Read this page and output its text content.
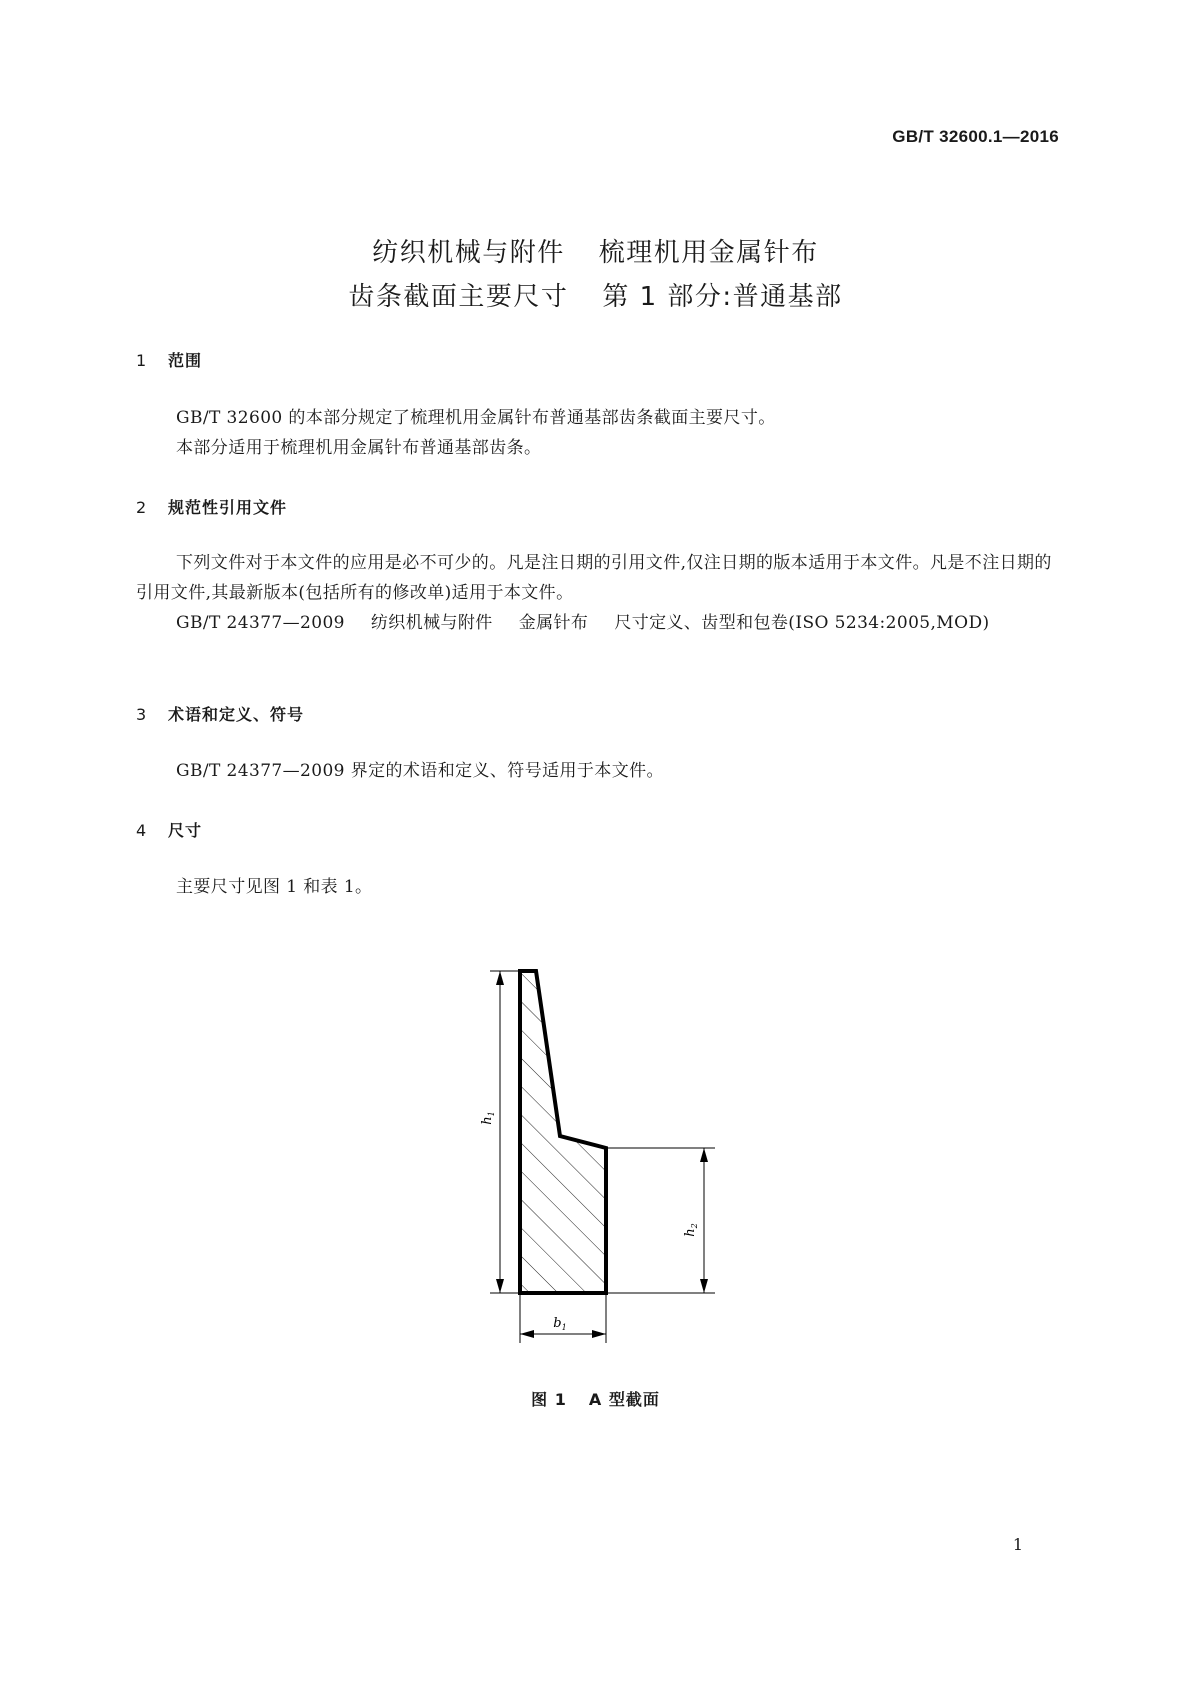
GB/T 32600.1—2016
纺织机械与附件 梳理机用金属针布
齿条截面主要尺寸 第 1 部分:普通基部
1 范围
GB/T 32600 的本部分规定了梳理机用金属针布普通基部齿条截面主要尺寸。
本部分适用于梳理机用金属针布普通基部齿条。
2 规范性引用文件
下列文件对于本文件的应用是必不可少的。凡是注日期的引用文件,仅注日期的版本适用于本文件。凡是不注日期的引用文件,其最新版本(包括所有的修改单)适用于本文件。
GB/T 24377—2009 纺织机械与附件 金属针布 尺寸定义、齿型和包卷(ISO 5234:2005,MOD)
3 术语和定义、符号
GB/T 24377—2009 界定的术语和定义、符号适用于本文件。
4 尺寸
主要尺寸见图 1 和表 1。
$h_1$
$h_2$
$b_1$
图 1 A 型截面
1
